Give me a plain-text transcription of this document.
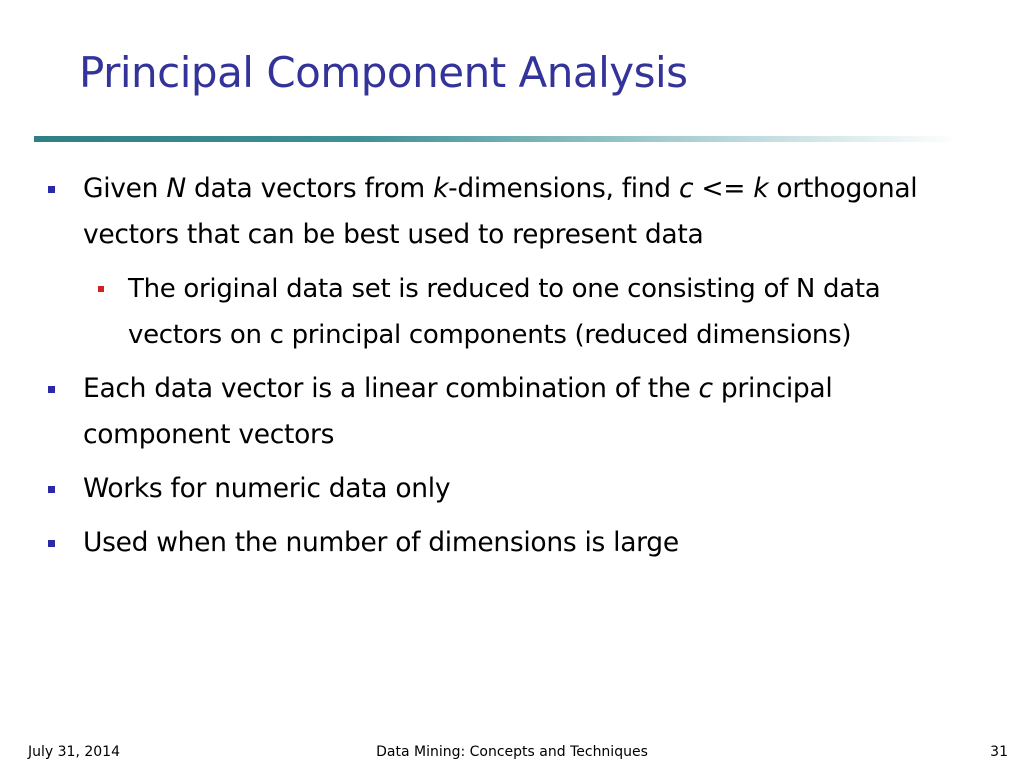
Principal Component Analysis
Given N data vectors from k-dimensions, find c <= k orthogonal vectors that can be best used to represent data
The original data set is reduced to one consisting of N data vectors on c principal components (reduced dimensions)
Each data vector is a linear combination of the c principal component vectors
Works for numeric data only
Used when the number of dimensions is large
July 31, 2014	Data Mining: Concepts and Techniques	31
